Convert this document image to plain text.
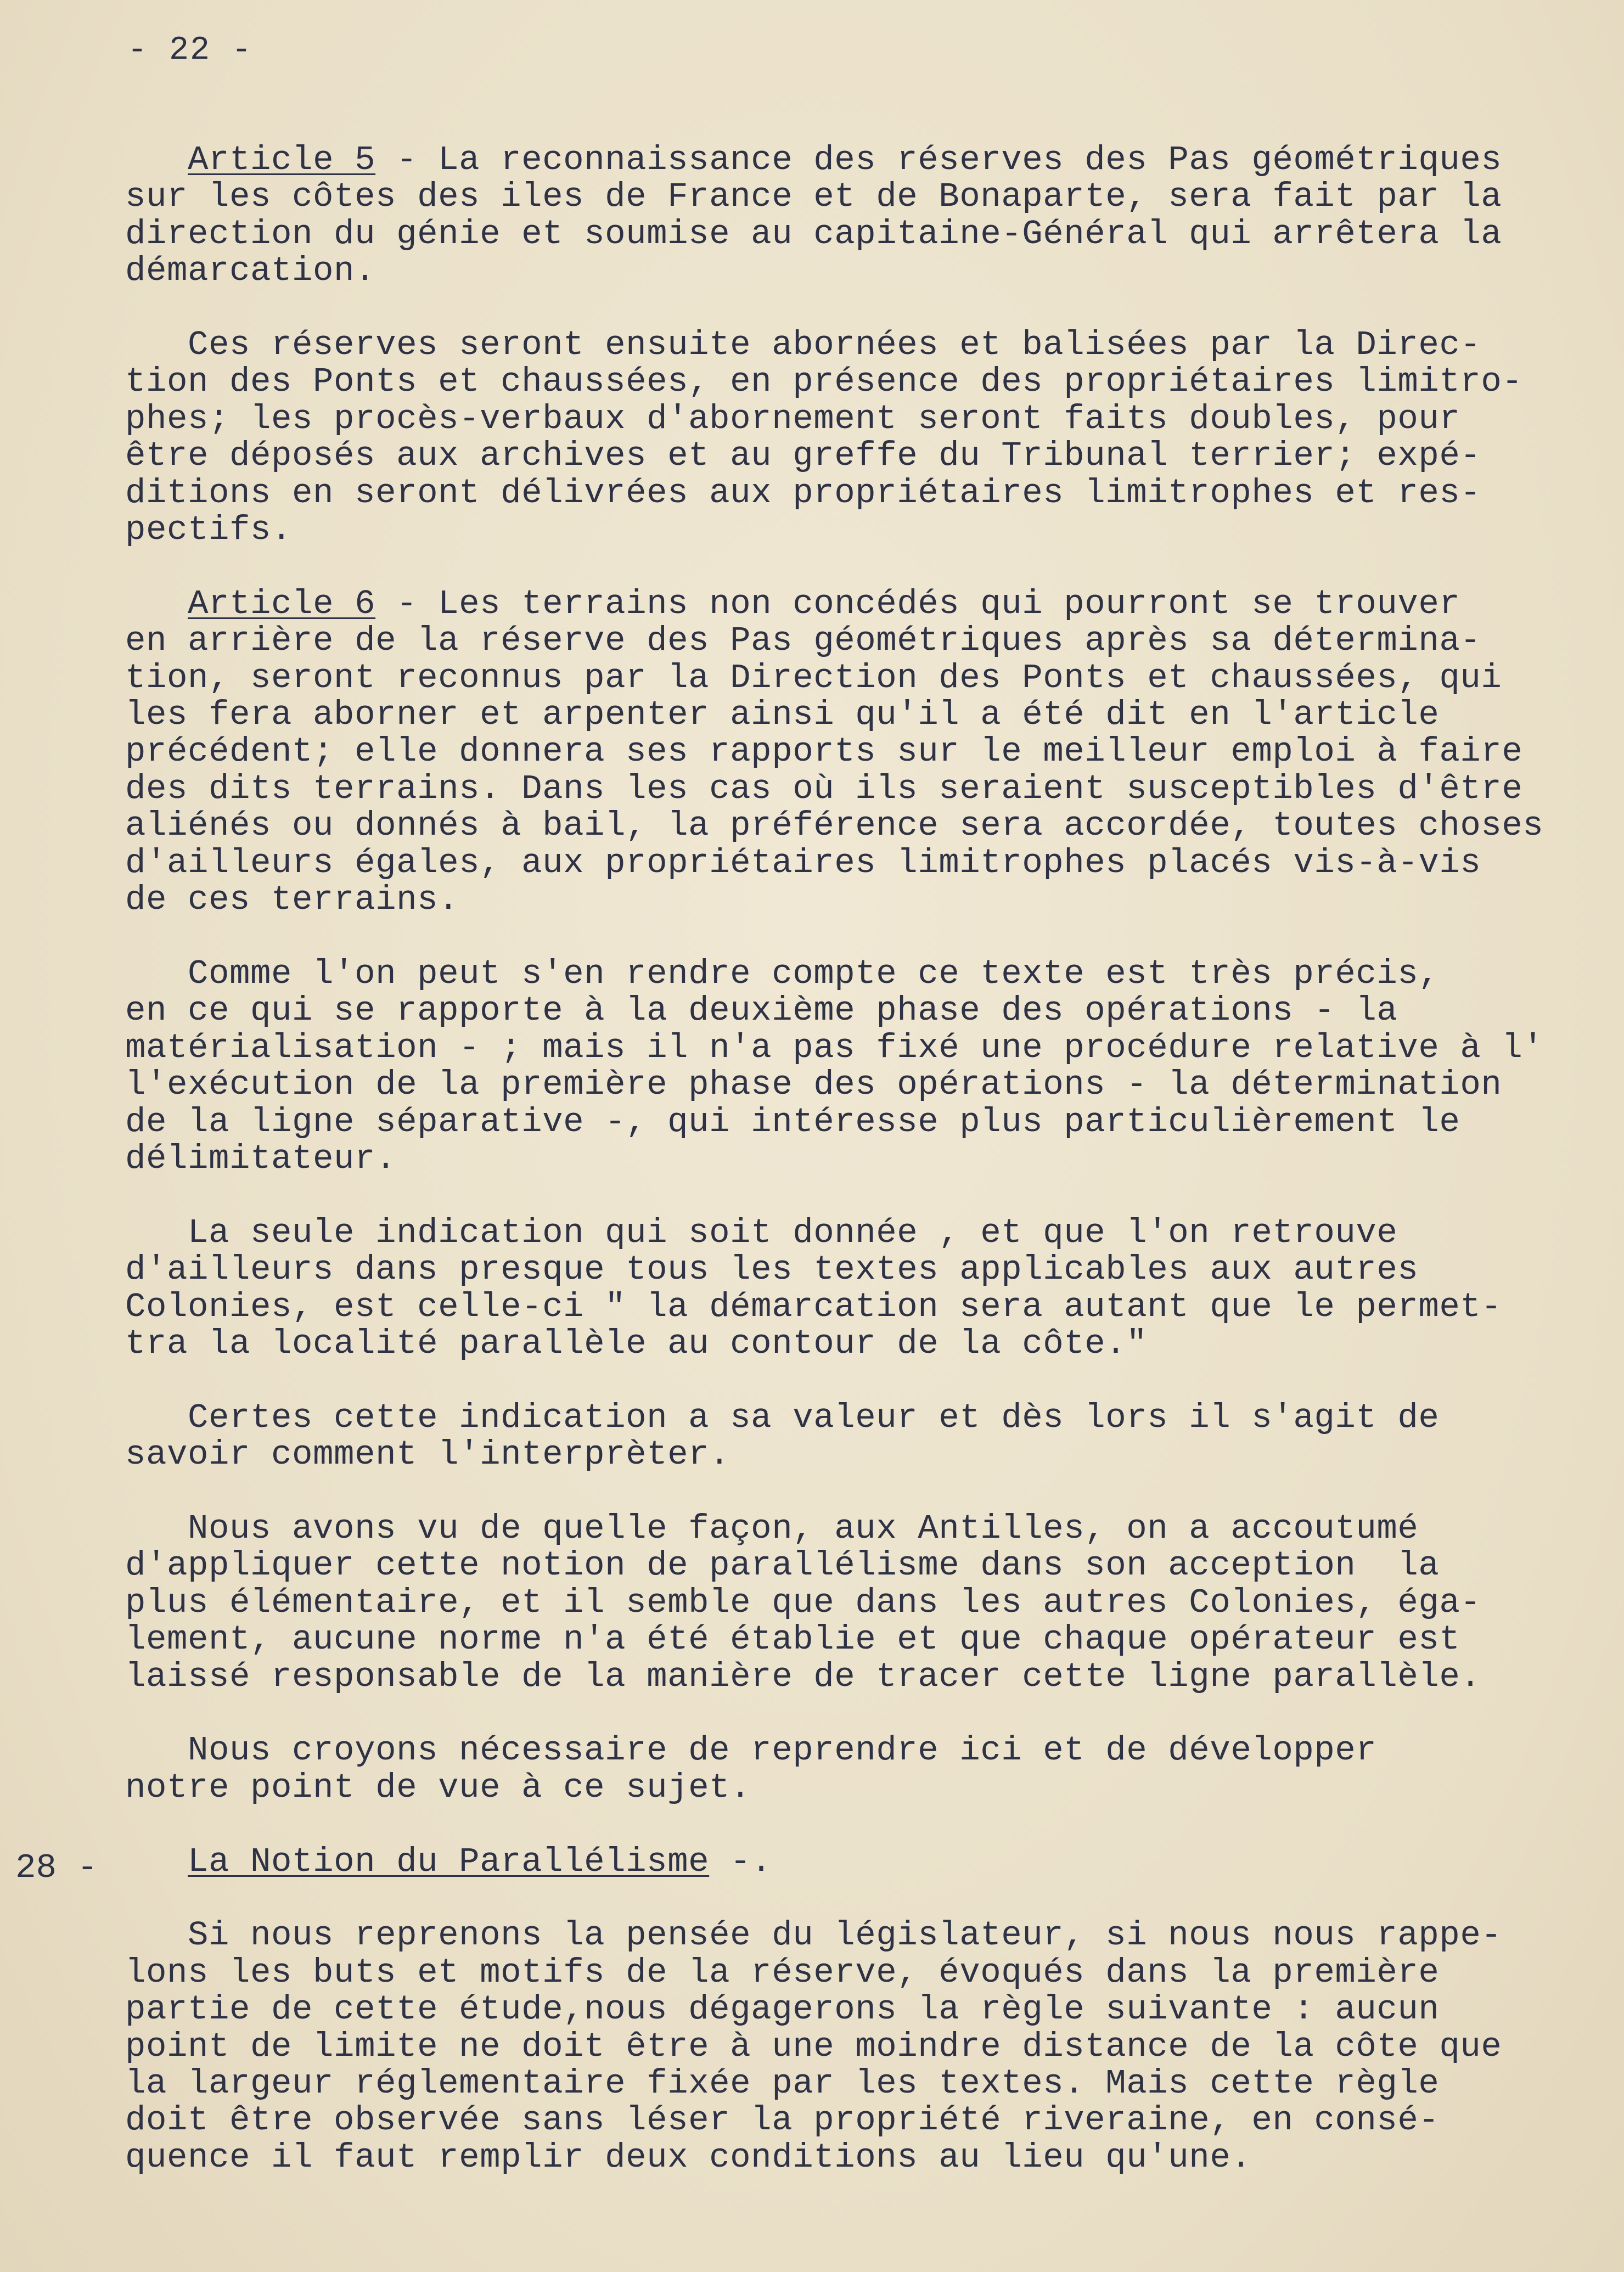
- 22 -
Article 5 - La reconnaissance des réserves des Pas géométriques
sur les côtes des iles de France et de Bonaparte, sera fait par la
direction du génie et soumise au capitaine-Général qui arrêtera la
démarcation.
Ces réserves seront ensuite abornées et balisées par la Direc-
tion des Ponts et chaussées, en présence des propriétaires limitro-
phes; les procès-verbaux d'abornement seront faits doubles, pour
être déposés aux archives et au greffe du Tribunal terrier; expé-
ditions en seront délivrées aux propriétaires limitrophes et res-
pectifs.
Article 6 - Les terrains non concédés qui pourront se trouver
en arrière de la réserve des Pas géométriques après sa détermina-
tion, seront reconnus par la Direction des Ponts et chaussées, qui
les fera aborner et arpenter ainsi qu'il a été dit en l'article
précédent; elle donnera ses rapports sur le meilleur emploi à faire
des dits terrains. Dans les cas où ils seraient susceptibles d'être
aliénés ou donnés à bail, la préférence sera accordée, toutes choses
d'ailleurs égales, aux propriétaires limitrophes placés vis-à-vis
de ces terrains.
Comme l'on peut s'en rendre compte ce texte est très précis,
en ce qui se rapporte à la deuxième phase des opérations - la
matérialisation - ; mais il n'a pas fixé une procédure relative à l'
l'exécution de la première phase des opérations - la détermination
de la ligne séparative -, qui intéresse plus particulièrement le
délimitateur.
La seule indication qui soit donnée , et que l'on retrouve
d'ailleurs dans presque tous les textes applicables aux autres
Colonies, est celle-ci " la démarcation sera autant que le permet-
tra la localité parallèle au contour de la côte."
Certes cette indication a sa valeur et dès lors il s'agit de
savoir comment l'interprèter.
Nous avons vu de quelle façon, aux Antilles, on a accoutumé
d'appliquer cette notion de parallélisme dans son acception  la
plus élémentaire, et il semble que dans les autres Colonies, éga-
lement, aucune norme n'a été établie et que chaque opérateur est
laissé responsable de la manière de tracer cette ligne parallèle.
Nous croyons nécessaire de reprendre ici et de développer
notre point de vue à ce sujet.
La Notion du Parallélisme -.
Si nous reprenons la pensée du législateur, si nous nous rappe-
lons les buts et motifs de la réserve, évoqués dans la première
partie de cette étude,nous dégagerons la règle suivante : aucun
point de limite ne doit être à une moindre distance de la côte que
la largeur réglementaire fixée par les textes. Mais cette règle
doit être observée sans léser la propriété riveraine, en consé-
quence il faut remplir deux conditions au lieu qu'une.
28 -
